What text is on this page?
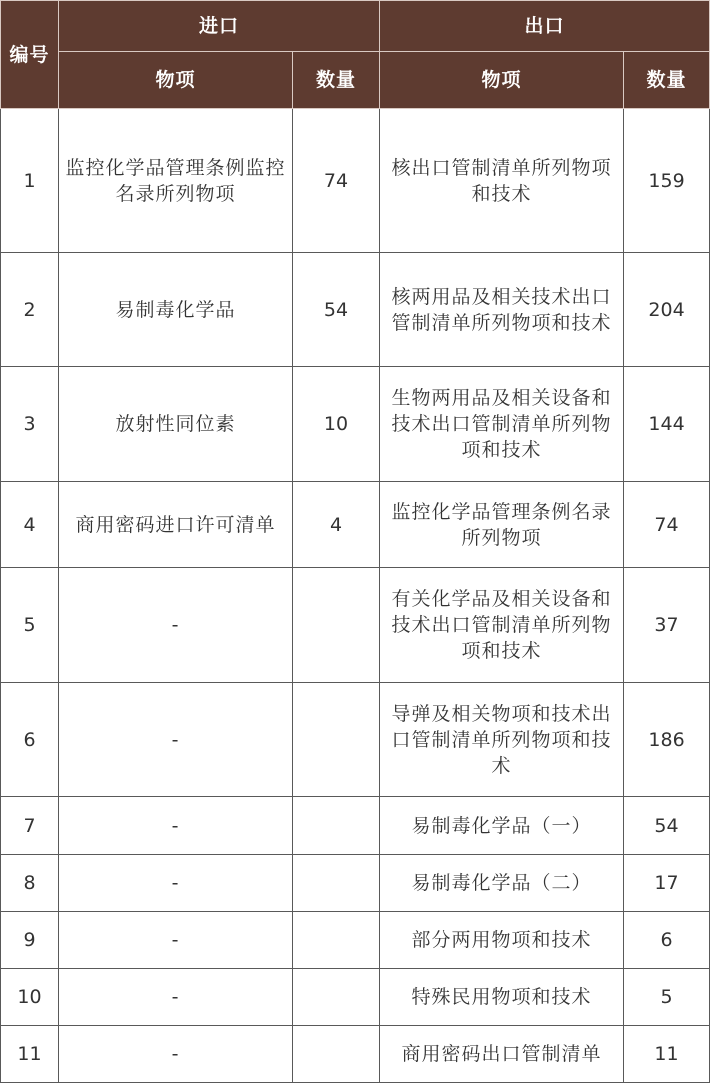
编号	进口		出口	
	物项	数量	物项	数量
1	监控化学品管理条例监控名录所列物项	74	核出口管制清单所列物项和技术	159
2	易制毒化学品	54	核两用品及相关技术出口管制清单所列物项和技术	204
3	放射性同位素	10	生物两用品及相关设备和技术出口管制清单所列物项和技术	144
4	商用密码进口许可清单	4	监控化学品管理条例名录所列物项	74
5	-		有关化学品及相关设备和技术出口管制清单所列物项和技术	37
6	-		导弹及相关物项和技术出口管制清单所列物项和技术	186
7	-		易制毒化学品（一）	54
8	-		易制毒化学品（二）	17
9	-		部分两用物项和技术	6
10	-		特殊民用物项和技术	5
11	-		商用密码出口管制清单	11
